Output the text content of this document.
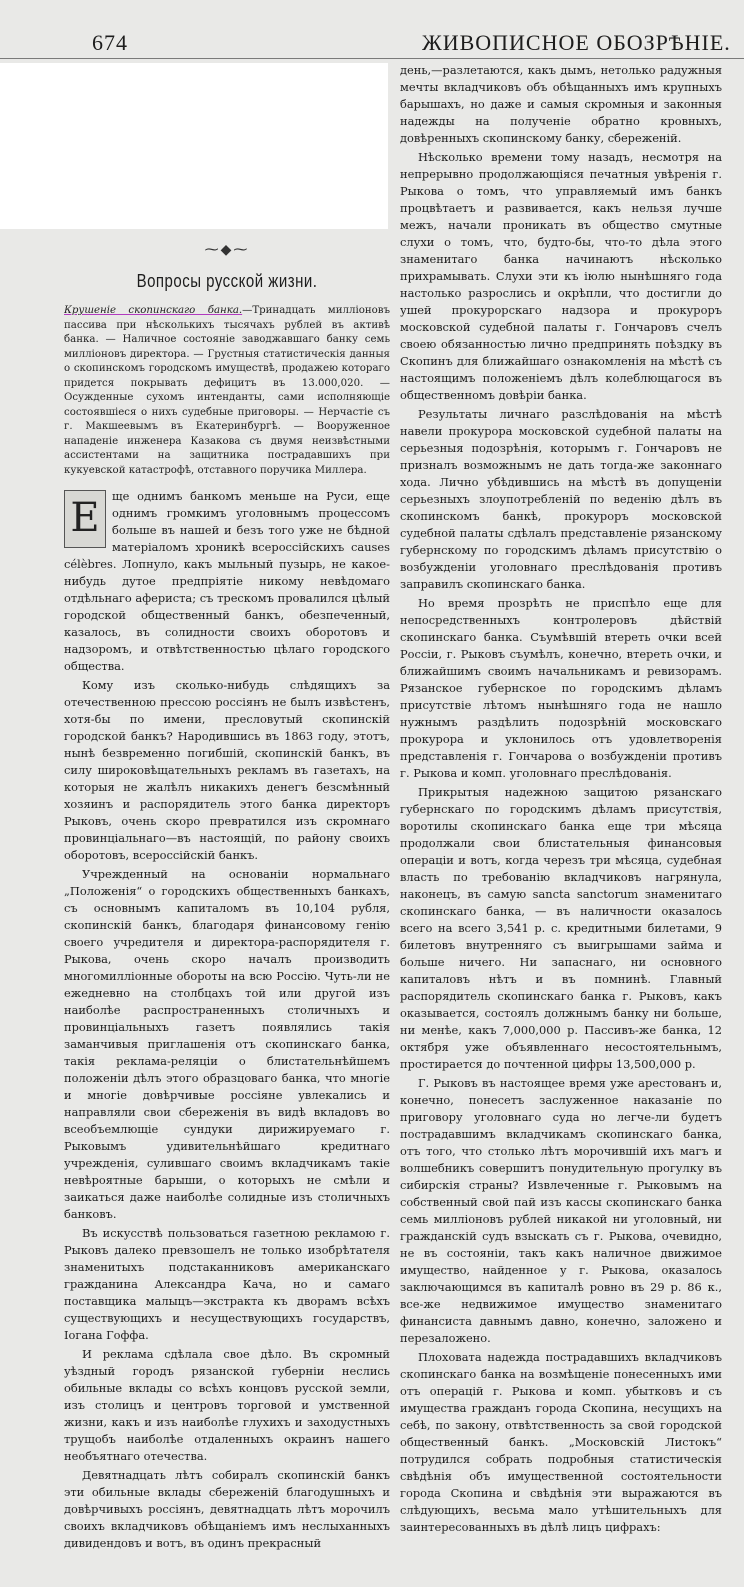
674	ЖИВОПИСНОЕ ОБОЗРѢНІЕ.
⁓◆⁓
Вопросы русской жизни.
Крушеніе скопинскаго банка.—Тринадцать милліоновъ пассива при нѣсколькихъ тысячахъ рублей въ активѣ банка. — Наличное состояніе заводжавшаго банку семь милліоновъ директора. — Грустныя статистическія данныя о скопинскомъ городскомъ имуществѣ, продажею котораго придется покрывать дефицитъ въ 13.000,020. — Осужденные сухомъ интенданты, сами исполняющіе состоявшіеся о нихъ судебные приговоры. — Нерчастіе съ г. Макшеевымъ въ Екатеринбургѣ. — Вооруженное нападеніе инженера Казакова съ двумя неизвѣстными ассистентами на защитника пострадавшихъ при кукуевской катастрофѣ, отставного поручика Миллера.
Е	ще однимъ банкомъ меньше на Руси, еще однимъ громкимъ уголовнымъ процессомъ больше въ нашей и безъ того уже не бѣдной матеріаломъ хроникѣ всероссійскихъ causes célèbres. Лопнуло, какъ мыльный пузырь, не какое-нибудь дутое предпріятіе никому невѣдомаго отдѣльнаго афериста; съ трескомъ провалился цѣлый городской общественный банкъ, обезпеченный, казалось, въ солидности своихъ оборотовъ и надзоромъ, и отвѣтственностью цѣлаго городского общества.

Кому изъ сколько-нибудь слѣдящихъ за отечественною прессою россіянъ не былъ извѣстенъ, хотя-бы по имени, пресловутый скопинскій городской банкъ? Народившись въ 1863 году, этотъ, нынѣ безвременно погибшій, скопинскій банкъ, въ силу широковѣщательныхъ рекламъ въ газетахъ, на которыя не жалѣлъ никакихъ денегъ безсмѣнный хозяинъ и распорядитель этого банка директоръ Рыковъ, очень скоро превратился изъ скромнаго провинціальнаго—въ настоящій, по району своихъ оборотовъ, всероссійскій банкъ.

Учрежденный на основаніи нормальнаго „Положенія“ о городскихъ общественныхъ банкахъ, съ основнымъ капиталомъ въ 10,104 рубля, скопинскій банкъ, благодаря финансовому генію своего учредителя и директора-распорядителя г. Рыкова, очень скоро началъ производить многомилліонные обороты на всю Россію. Чуть-ли не ежедневно на столбцахъ той или другой изъ наиболѣе распространенныхъ столичныхъ и провинціальныхъ газетъ появлялись такія заманчивыя приглашенія отъ скопинскаго банка, такія реклама-реляціи о блистательнѣйшемъ положеніи дѣлъ этого образцоваго банка, что многіе и многіе довѣрчивые россіяне увлекались и направляли свои сбереженія въ видѣ вкладовъ во всеобъемлющіе сундуки дирижируемаго г. Рыковымъ удивительнѣйшаго кредитнаго учрежденія, сулившаго своимъ вкладчикамъ такіе невѣроятные барыши, о которыхъ не смѣли и заикаться даже наиболѣе солидные изъ столичныхъ банковъ.

Въ искусствѣ пользоваться газетною рекламою г. Рыковъ далеко превзошелъ не только изобрѣтателя знаменитыхъ подстаканниковъ американскаго гражданина Александра Кача, но и самаго поставщика малыцъ—экстракта къ дворамъ всѣхъ существующихъ и несуществующихъ государствъ, Іогана Гоффа.

И реклама сдѣлала свое дѣло. Въ скромный уѣздный городъ рязанской губерніи неслись обильные вклады со всѣхъ концовъ русской земли, изъ столицъ и центровъ торговой и умственной жизни, какъ и изъ наиболѣе глухихъ и заходустныхъ трущобъ наиболѣе отдаленныхъ окраинъ нашего необъятнаго отечества.

Девятнадцать лѣтъ собиралъ скопинскій банкъ эти обильные вклады сбереженій благодушныхъ и довѣрчивыхъ россіянъ, девятнадцать лѣтъ морочилъ своихъ вкладчиковъ обѣщаніемъ имъ неслыханныхъ дивидендовъ и вотъ, въ одинъ прекрасный

день,—разлетаются, какъ дымъ, нетолько радужныя мечты вкладчиковъ объ обѣщанныхъ имъ крупныхъ барышахъ, но даже и самыя скромныя и законныя надежды на полученіе обратно кровныхъ, довѣренныхъ скопинскому банку, сбереженій.

Нѣсколько времени тому назадъ, несмотря на непрерывно продолжающіяся печатныя увѣренія г. Рыкова о томъ, что управляемый имъ банкъ процвѣтаетъ и развивается, какъ нельзя лучше межъ, начали проникать въ общество смутные слухи о томъ, что, будто-бы, что-то дѣла этого знаменитаго банка начинаютъ нѣсколько прихрамывать. Слухи эти къ іюлю нынѣшняго года настолько разрослись и окрѣпли, что достигли до ушей прокурорскаго надзора и прокуроръ московской судебной палаты г. Гончаровъ счелъ своею обязанностью лично предпринять поѣздку въ Скопинъ для ближайшаго ознакомленія на мѣстѣ съ настоящимъ положеніемъ дѣлъ колеблющагося въ общественномъ довѣріи банка.

Результаты личнаго разслѣдованія на мѣстѣ навели прокурора московской судебной палаты на серьезныя подозрѣнія, которымъ г. Гончаровъ не призналъ возможнымъ не дать тогда-же законнаго хода. Лично убѣдившись на мѣстѣ въ допущеніи серьезныхъ злоупотребленій по веденію дѣлъ въ скопинскомъ банкѣ, прокуроръ московской судебной палаты сдѣлалъ представленіе рязанскому губернскому по городскимъ дѣламъ присутствію о возбужденіи уголовнаго преслѣдованія противъ заправилъ скопинскаго банка.

Но время прозрѣть не приспѣло еще для непосредственныхъ контролеровъ дѣйствій скопинскаго банка. Съумѣвшій втереть очки всей Россіи, г. Рыковъ съумѣлъ, конечно, втереть очки, и ближайшимъ своимъ начальникамъ и ревизорамъ. Рязанское губернское по городскимъ дѣламъ присутствіе лѣтомъ нынѣшняго года не нашло нужнымъ раздѣлить подозрѣній московскаго прокурора и уклонилось отъ удовлетворенія представленія г. Гончарова о возбужденіи противъ г. Рыкова и комп. уголовнаго преслѣдованія.

Прикрытыя надежною защитою рязанскаго губернскаго по городскимъ дѣламъ присутствія, воротилы скопинскаго банка еще три мѣсяца продолжали свои блистательныя финансовыя операціи и вотъ, когда черезъ три мѣсяца, судебная власть по требованію вкладчиковъ нагрянула, наконецъ, въ самую sancta sanctorum знаменитаго скопинскаго банка, — въ наличности оказалось всего на всего 3,541 р. с. кредитными билетами, 9 билетовъ внутренняго съ выигрышами займа и больше ничего. Ни запаснаго, ни основного капиталовъ нѣтъ и въ помнинѣ. Главный распорядитель скопинскаго банка г. Рыковъ, какъ оказывается, состоялъ должнымъ банку ни больше, ни менѣе, какъ 7,000,000 р. Пассивъ-же банка, 12 октября уже объявленнаго несостоятельнымъ, простирается до почтенной цифры 13,500,000 р.

Г. Рыковъ въ настоящее время уже арестованъ и, конечно, понесетъ заслуженное наказаніе по приговору уголовнаго суда но легче-ли будетъ пострадавшимъ вкладчикамъ скопинскаго банка, отъ того, что столько лѣтъ морочившій ихъ магъ и волшебникъ совершитъ понудительную прогулку въ сибирскія страны? Извлеченные г. Рыковымъ на собственный свой пай изъ кассы скопинскаго банка семь милліоновъ рублей никакой ни уголовный, ни гражданскій судъ взыскать съ г. Рыкова, очевидно, не въ состояніи, такъ какъ наличное движимое имущество, найденное у г. Рыкова, оказалось заключающимся въ капиталѣ ровно въ 29 р. 86 к., все-же недвижимое имущество знаменитаго финансиста давнымъ давно, конечно, заложено и перезаложено.

Плоховата надежда пострадавшихъ вкладчиковъ скопинскаго банка на возмѣщеніе понесенныхъ ими отъ операцій г. Рыкова и комп. убытковъ и съ имущества гражданъ города Скопина, несущихъ на себѣ, по закону, отвѣтственность за свой городской общественный банкъ. „Московскій Листокъ“ потрудился собрать подробныя статистическія свѣдѣнія объ имущественной состоятельности города Скопина и свѣдѣнія эти выражаются въ слѣдующихъ, весьма мало утѣшительныхъ для заинтересованныхъ въ дѣлѣ лицъ цифрахъ:
